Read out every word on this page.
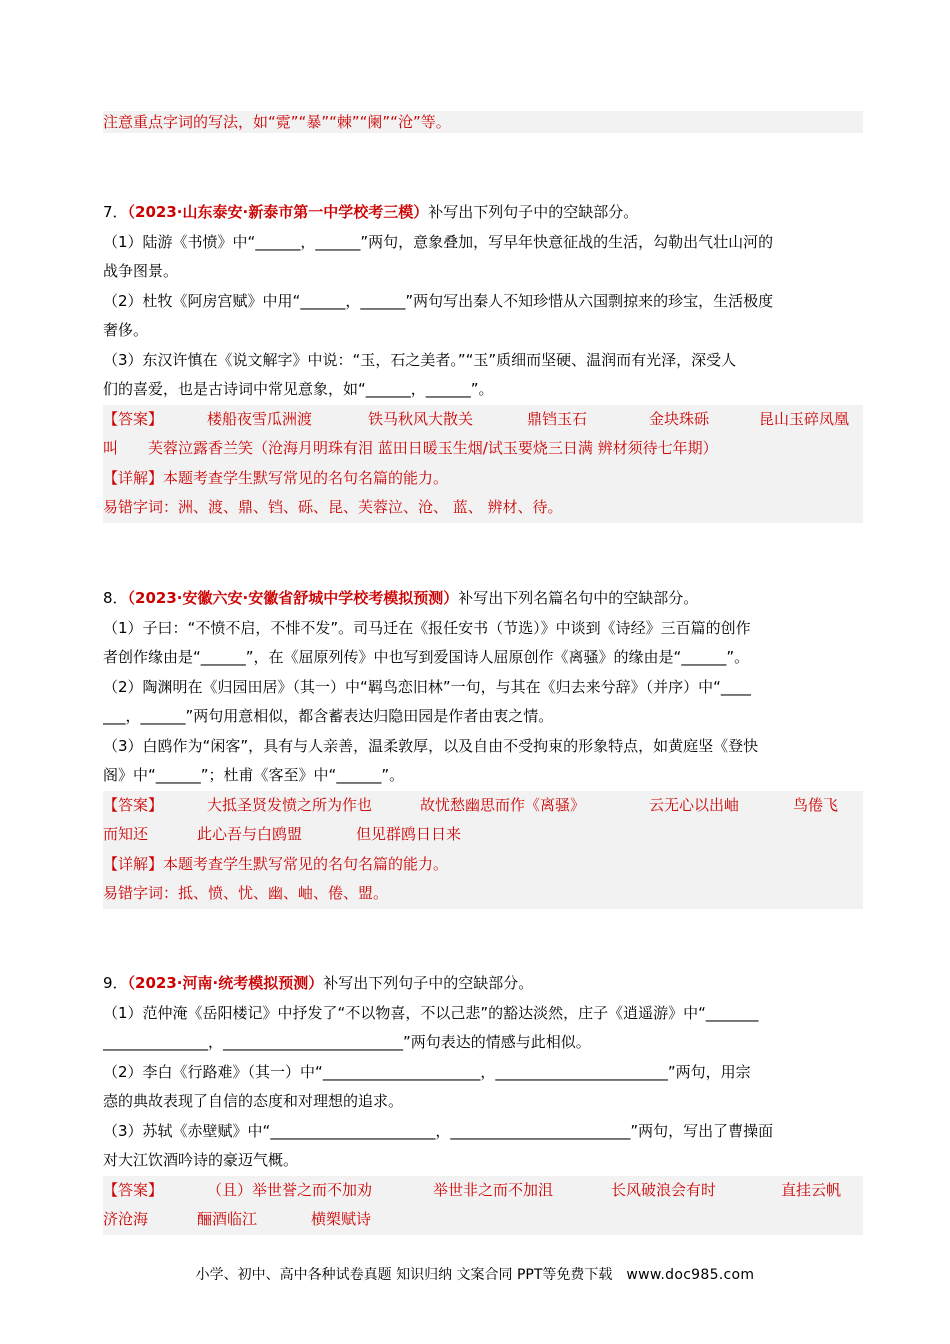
注意重点字词的写法，如“霓”“暴”“棘”“阑”“沧”等。
7．（2023·山东泰安·新泰市第一中学校考三模）补写出下列句子中的空缺部分。
（1）陆游《书愤》中“______，______”两句，意象叠加，写早年快意征战的生活，勾勒出气壮山河的
战争图景。
（2）杜牧《阿房宫赋》中用“______，______”两句写出秦人不知珍惜从六国剽掠来的珍宝，生活极度
奢侈。
（3）东汉许慎在《说文解字》中说：“玉，石之美者。”“玉”质细而坚硬、温润而有光泽，深受人
们的喜爱，也是古诗词中常见意象，如“______，______”。
【答案】	楼船夜雪瓜洲渡	铁马秋风大散关	鼎铛玉石	金块珠砾	昆山玉碎凤凰
叫 芙蓉泣露香兰笑（沧海月明珠有泪 蓝田日暖玉生烟/试玉要烧三日满 辨材须待七年期）
【详解】本题考查学生默写常见的名句名篇的能力。
易错字词：洲、渡、鼎、铛、砾、昆、芙蓉泣、沧、 蓝、 辨材、待。
8．（2023·安徽六安·安徽省舒城中学校考模拟预测）补写出下列名篇名句中的空缺部分。
（1）子曰：“不愤不启，不悱不发”。司马迁在《报任安书（节选）》中谈到《诗经》三百篇的创作
者创作缘由是“______”，在《屈原列传》中也写到爱国诗人屈原创作《离骚》的缘由是“______”。
（2）陶渊明在《归园田居》（其一）中“羁鸟恋旧林”一句，与其在《归去来兮辞》（并序）中“____
___，______”两句用意相似，都含蓄表达归隐田园是作者由衷之情。
（3）白鸥作为“闲客”，具有与人亲善，温柔敦厚，以及自由不受拘束的形象特点，如黄庭坚《登快
阁》中“______”；杜甫《客至》中“______”。
【答案】	大抵圣贤发愤之所为作也	故忧愁幽思而作《离骚》	云无心以出岫	鸟倦飞
而知还	此心吾与白鸥盟	但见群鸥日日来
【详解】本题考查学生默写常见的名句名篇的能力。
易错字词：抵、愤、忧、幽、岫、倦、盟。
9．（2023·河南·统考模拟预测）补写出下列句子中的空缺部分。
（1）范仲淹《岳阳楼记》中抒发了“不以物喜，不以己悲”的豁达淡然，庄子《逍遥游》中“_______
______________，________________________”两句表达的情感与此相似。
（2）李白《行路难》（其一）中“_____________________，_______________________”两句，用宗
悫的典故表现了自信的态度和对理想的追求。
（3）苏轼《赤壁赋》中“______________________，________________________”两句，写出了曹操面
对大江饮酒吟诗的豪迈气概。
【答案】	（且）举世誉之而不加劝	举世非之而不加沮	长风破浪会有时	直挂云帆
济沧海	酾酒临江	横槊赋诗
小学、初中、高中各种试卷真题 知识归纳 文案合同 PPT等免费下载 www.doc985.com
